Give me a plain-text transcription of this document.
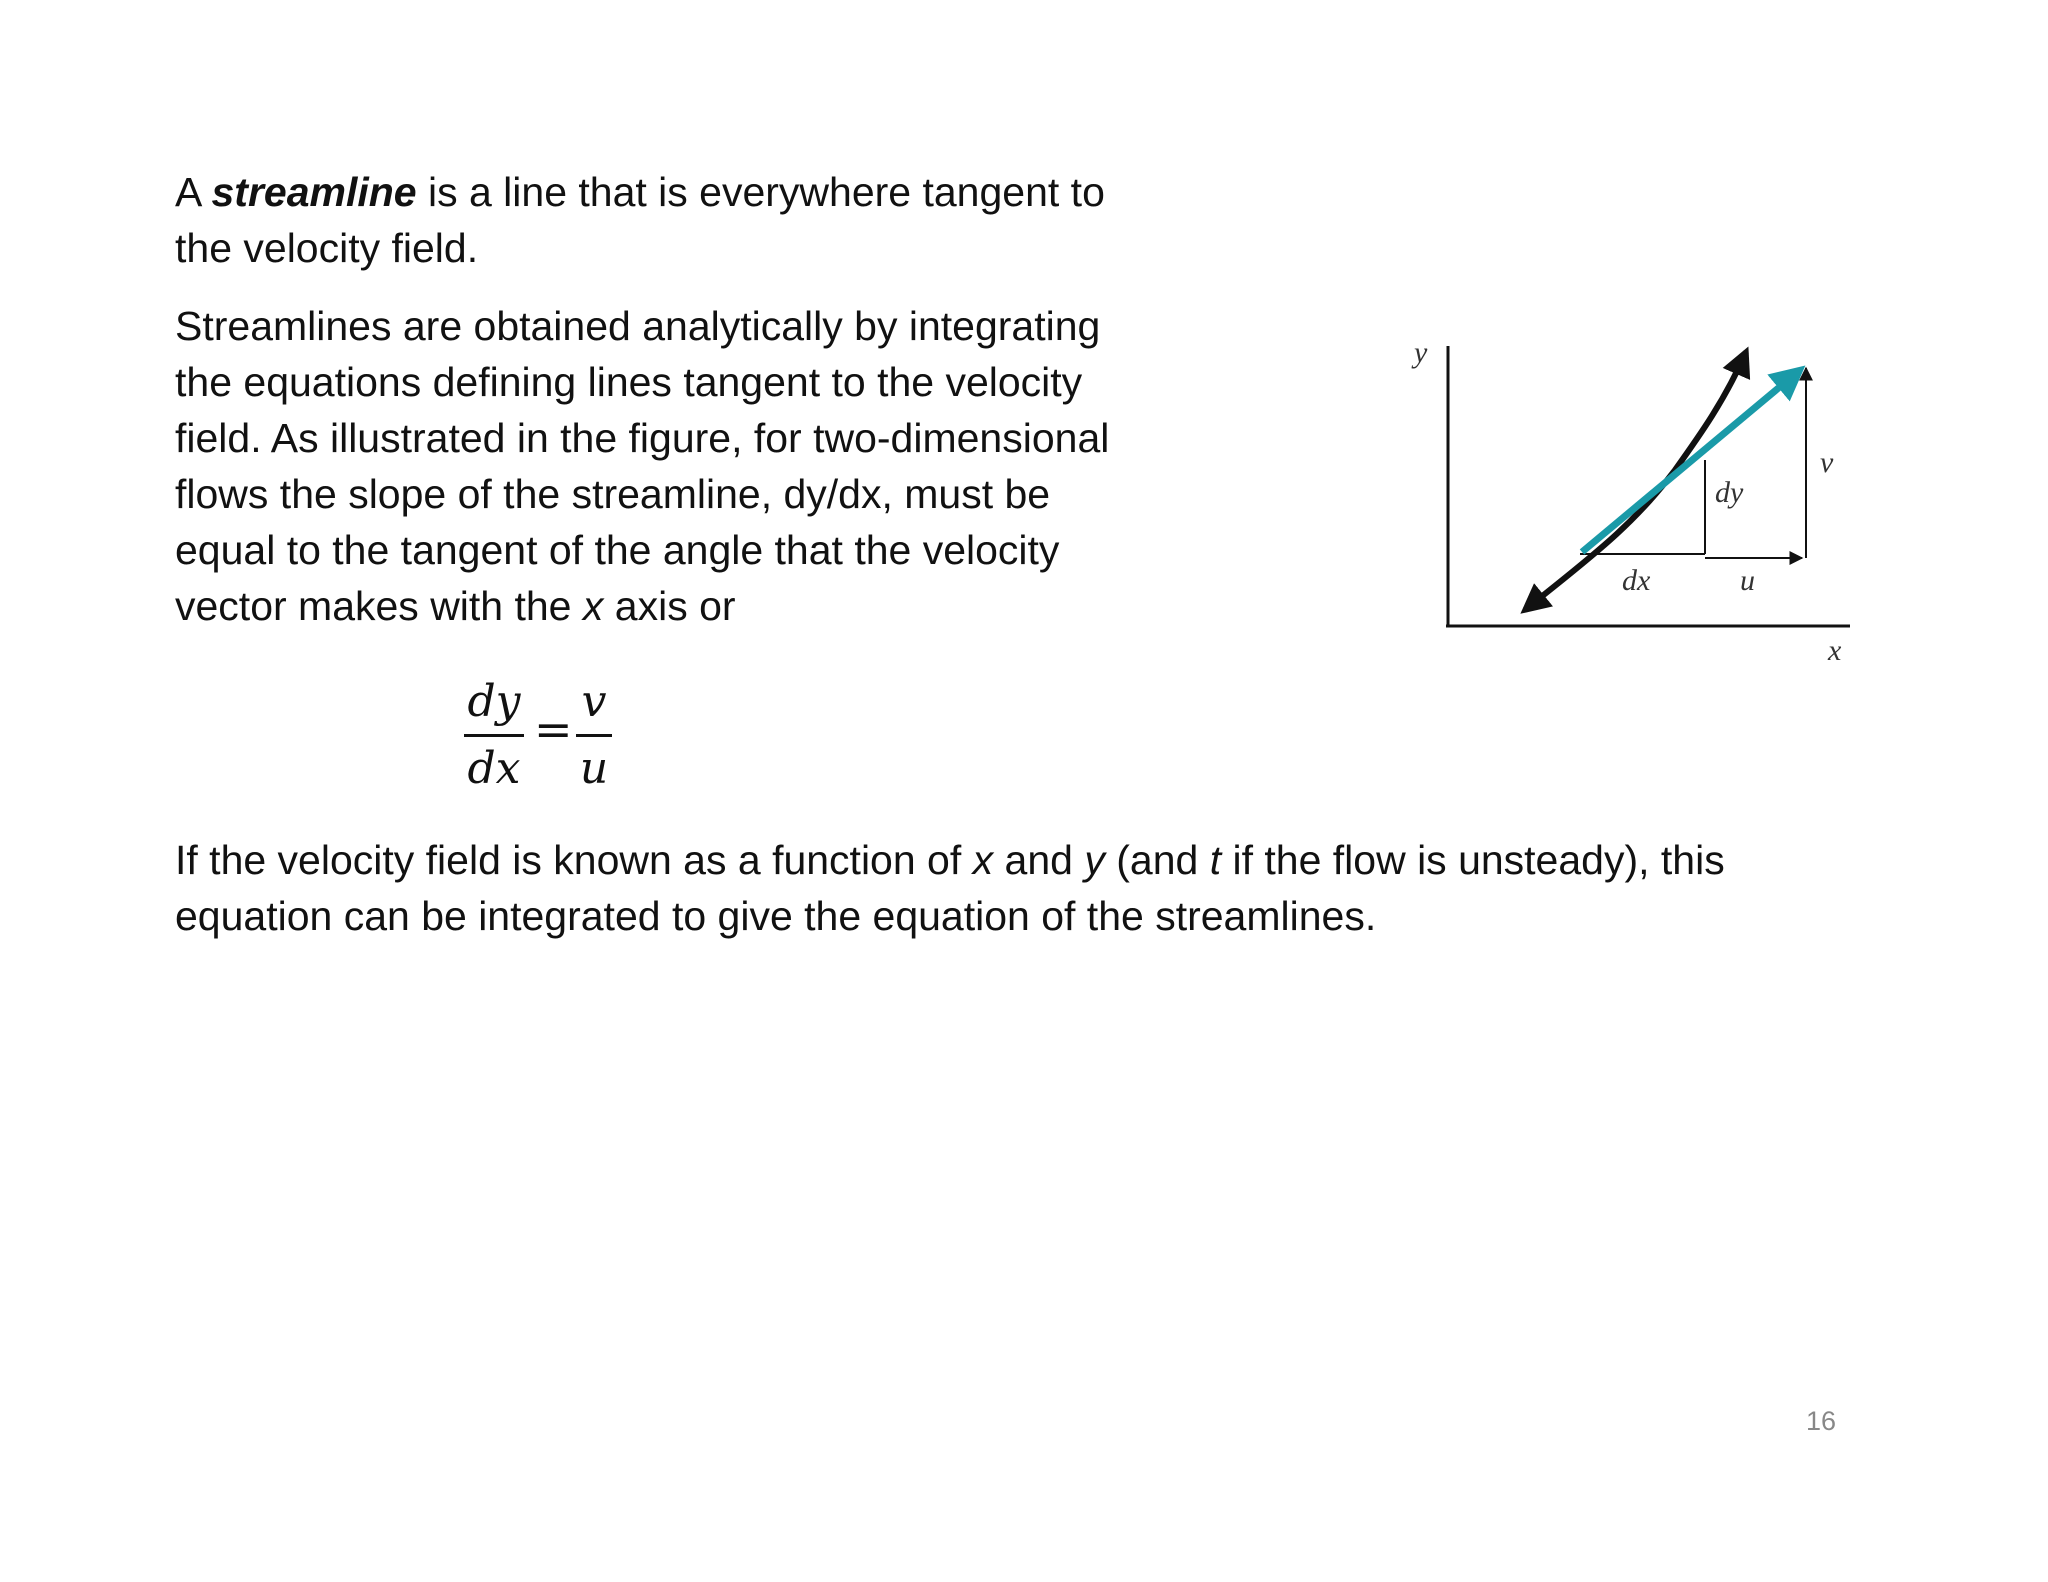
A streamline is a line that is everywhere tangent to
the velocity field.

Streamlines are obtained analytically by integrating
the equations defining lines tangent to the velocity
field. As illustrated in the figure, for two-dimensional
flows the slope of the streamline, dy/dx, must be
equal to the tangent of the angle that the velocity
vector makes with the x axis or

dy
dx
=
v
u
y
x
dy
dx
v
u

If the velocity field is known as a function of x and y (and t if the flow is unsteady), this
equation can be integrated to give the equation of the streamlines.

16
